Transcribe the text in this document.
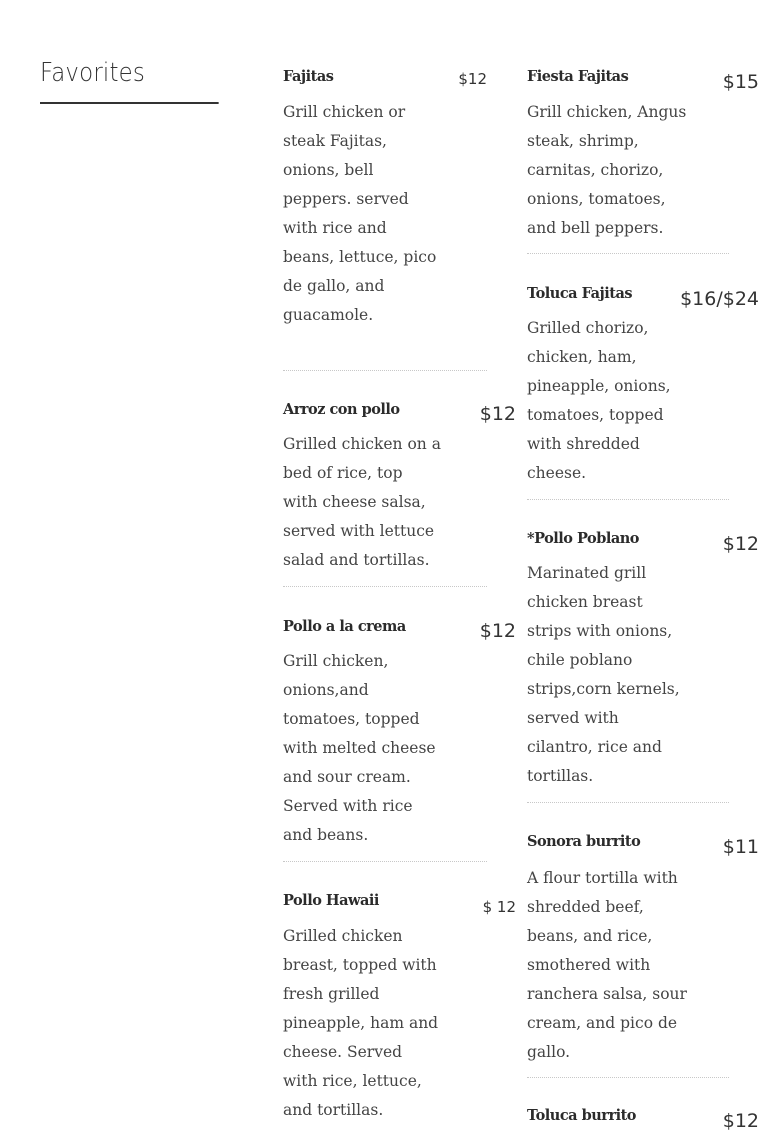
Favorites	Fajitas	$12

Grill chicken or steak Fajitas, onions, bell peppers. served with rice and beans, lettuce, pico de gallo, and guacamole.

Arroz con pollo	$12

Grilled chicken on a bed of rice, top with cheese salsa, served with lettuce salad and tortillas.

Pollo a la crema	$12

Grill chicken, onions,and tomatoes, topped with melted cheese and sour cream. Served with rice and beans.

Pollo Hawaii	$ 12

Grilled chicken breast, topped with fresh grilled pineapple, ham and cheese. Served with rice, lettuce, and tortillas.

Fiesta Fajitas	$15

Grill chicken, Angus steak, shrimp, carnitas, chorizo, onions, tomatoes, and bell peppers.

Toluca Fajitas	$16/$24

Grilled chorizo, chicken, ham, pineapple, onions, tomatoes, topped with shredded cheese.

*Pollo Poblano	$12

Marinated grill chicken breast strips with onions, chile poblano strips,corn kernels, served with cilantro, rice and tortillas.

Sonora burrito	$11

A flour tortilla with shredded beef, beans, and rice, smothered with ranchera salsa, sour cream, and pico de gallo.

Toluca burrito	$12
